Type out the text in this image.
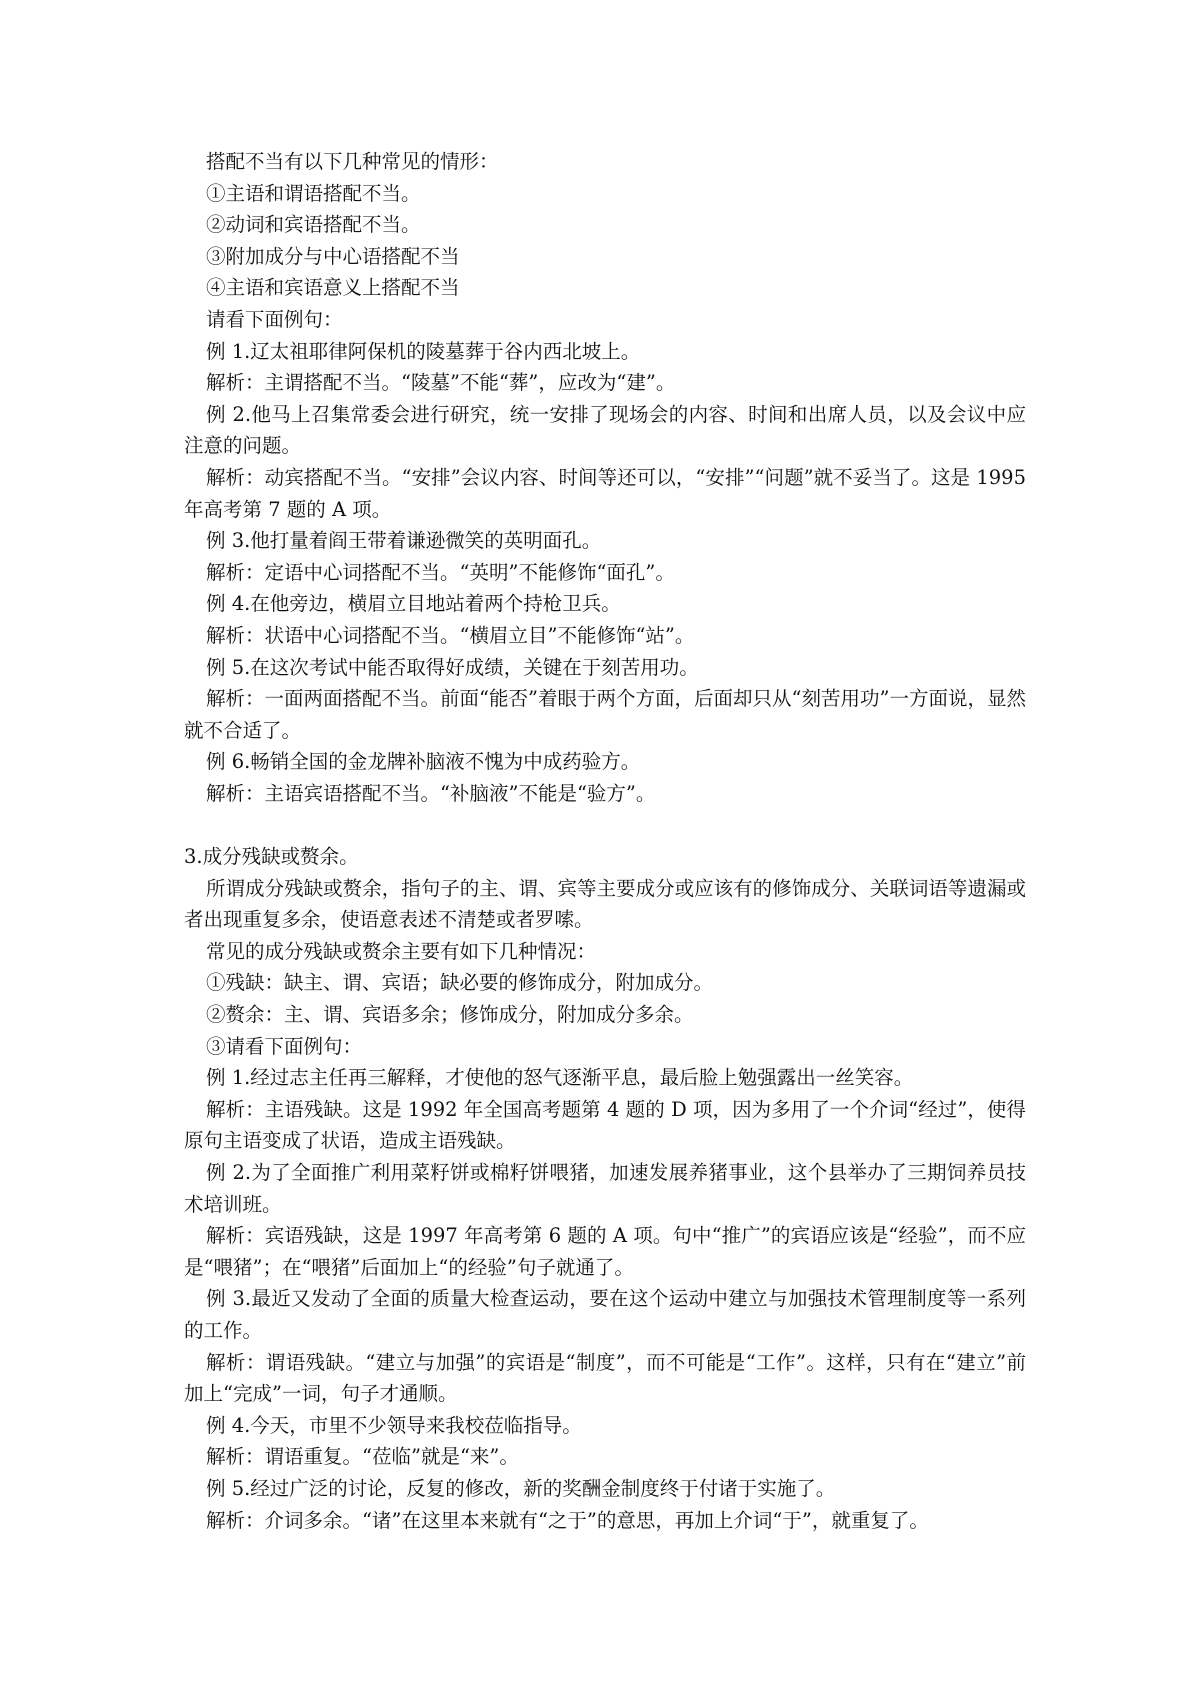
搭配不当有以下几种常见的情形：

①主语和谓语搭配不当。

②动词和宾语搭配不当。

③附加成分与中心语搭配不当

④主语和宾语意义上搭配不当

请看下面例句：

例 1.辽太祖耶律阿保机的陵墓葬于谷内西北坡上。

解析：主谓搭配不当。“陵墓”不能“葬”，应改为“建”。

例 2.他马上召集常委会进行研究，统一安排了现场会的内容、时间和出席人员，以及会议中应注意的问题。

解析：动宾搭配不当。“安排”会议内容、时间等还可以，“安排”“问题”就不妥当了。这是 1995 年高考第 7 题的 A 项。

例 3.他打量着阎王带着谦逊微笑的英明面孔。

解析：定语中心词搭配不当。“英明”不能修饰“面孔”。

例 4.在他旁边，横眉立目地站着两个持枪卫兵。

解析：状语中心词搭配不当。“横眉立目”不能修饰“站”。

例 5.在这次考试中能否取得好成绩，关键在于刻苦用功。

解析：一面两面搭配不当。前面“能否”着眼于两个方面，后面却只从“刻苦用功”一方面说，显然就不合适了。

例 6.畅销全国的金龙牌补脑液不愧为中成药验方。

解析：主语宾语搭配不当。“补脑液”不能是“验方”。

3.成分残缺或赘余。

所谓成分残缺或赘余，指句子的主、谓、宾等主要成分或应该有的修饰成分、关联词语等遗漏或者出现重复多余，使语意表述不清楚或者罗嗦。

常见的成分残缺或赘余主要有如下几种情况：

①残缺：缺主、谓、宾语；缺必要的修饰成分，附加成分。

②赘余：主、谓、宾语多余；修饰成分，附加成分多余。

③请看下面例句：

例 1.经过志主任再三解释，才使他的怒气逐渐平息，最后脸上勉强露出一丝笑容。

解析：主语残缺。这是 1992 年全国高考题第 4 题的 D 项，因为多用了一个介词“经过”，使得原句主语变成了状语，造成主语残缺。

例 2.为了全面推广利用菜籽饼或棉籽饼喂猪，加速发展养猪事业，这个县举办了三期饲养员技术培训班。

解析：宾语残缺，这是 1997 年高考第 6 题的 A 项。句中“推广”的宾语应该是“经验”，而不应是“喂猪”；在“喂猪”后面加上“的经验”句子就通了。

例 3.最近又发动了全面的质量大检查运动，要在这个运动中建立与加强技术管理制度等一系列的工作。

解析：谓语残缺。“建立与加强”的宾语是“制度”，而不可能是“工作”。这样，只有在“建立”前加上“完成”一词，句子才通顺。

例 4.今天，市里不少领导来我校莅临指导。

解析：谓语重复。“莅临”就是“来”。

例 5.经过广泛的讨论，反复的修改，新的奖酬金制度终于付诸于实施了。

解析：介词多余。“诸”在这里本来就有“之于”的意思，再加上介词“于”，就重复了。
